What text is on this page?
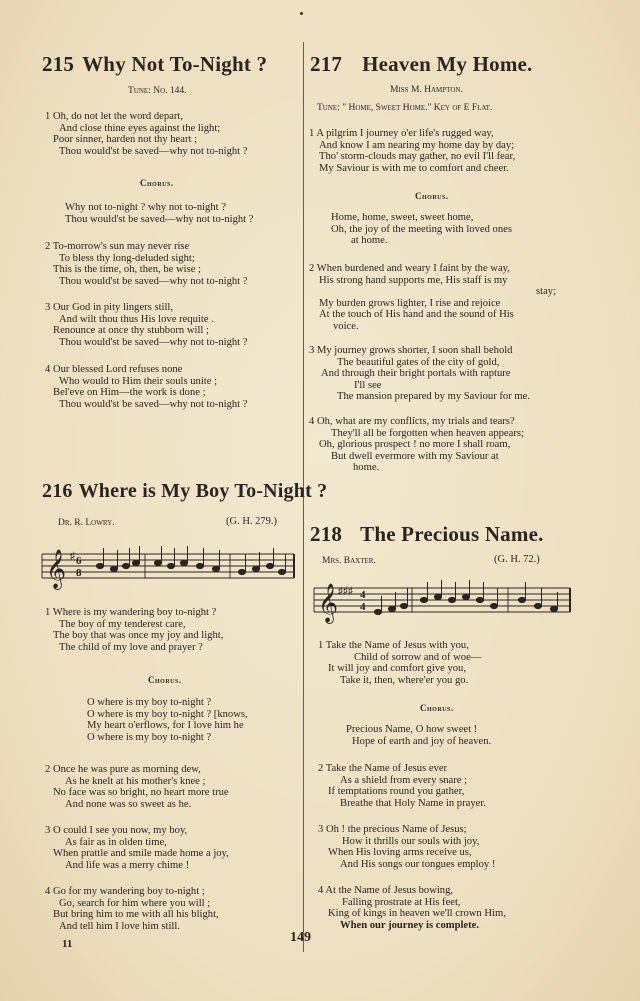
215 Why Not To-Night ?
Tune: No. 144.
1 Oh, do not let the word depart,
And close thine eyes against the light;
Poor sinner, harden not thy heart ;
Thou would'st be saved—why not to-night ?
Chorus.
Why not to-night ? why not to-night ?
Thou would'st be saved—why not to-night ?
2 To-morrow's sun may never rise
To bless thy long-deluded sight;
This is the time, oh, then, be wise ;
Thou would'st be saved—why not to-night ?
3 Our God in pity lingers still,
And wilt thou thus His love requite .
Renounce at once thy stubborn will ;
Thou would'st be saved—why not to-night ?
4 Our blessed Lord refuses none
Who would to Him their souls unite ;
Bel'eve on Him—the work is done ;
Thou would'st be saved—why not to-night ?
216 Where is My Boy To-Night ?
Dr. R. Lowry.	(G. H. 279.)
𝄞 6
8
♯
1 Where is my wandering boy to-night ?
The boy of my tenderest care,
The boy that was once my joy and light,
The child of my love and prayer ?
Chorus.
O where is my boy to-night ?
O where is my boy to-night ? [knows,
My heart o'erflows, for I love him he
O where is my boy to-night ?
2 Once he was pure as morning dew,
As he knelt at his mother's knee ;
No face was so bright, no heart more true
And none was so sweet as he.
3 O could I see you now, my boy,
As fair as in olden time,
When prattle and smile made home a joy,
And life was a merry chime !
4 Go for my wandering boy to-night ;
Go, search for him where you will ;
But bring him to me with all his blight,
And tell him I love him still.
217 Heaven My Home.
Miss M. Hampton.
Tune: " Home, Sweet Home." Key of E Flat.
1 A pilgrim I journey o'er life's rugged way,
And know I am nearing my home day by day;
Tho' storm-clouds may gather, no evil I'll fear,
My Saviour is with me to comfort and cheer.
Chorus.
Home, home, sweet, sweet home,
Oh, the joy of the meeting with loved ones
at home.
2 When burdened and weary I faint by the way,
His strong hand supports me, His staff is my
stay;
My burden grows lighter, I rise and rejoice
At the touch of His hand and the sound of His
voice.
3 My journey grows shorter, I soon shall behold
The beautiful gates of the city of gold,
And through their bright portals with rapture
I'll see
The mansion prepared by my Saviour for me.
4 Oh, what are my conflicts, my trials and tears?
They'll all be forgotten when heaven appears;
Oh, glorious prospect ! no more I shall roam,
But dwell evermore with my Saviour at
home.
218 The Precious Name.
Mrs. Baxter.	(G. H. 72.)
𝄞 ♯♯♯ 4
4
1 Take the Name of Jesus with you,
Child of sorrow and of woe—
It will joy and comfort give you,
Take it, then, where'er you go.
Chorus.
Precious Name, O how sweet !
Hope of earth and joy of heaven.
2 Take the Name of Jesus ever
As a shield from every snare ;
If temptations round you gather,
Breathe that Holy Name in prayer.
3 Oh ! the precious Name of Jesus;
How it thrills our souls with joy,
When His loving arms receive us,
And His songs our tongues employ !
4 At the Name of Jesus bowing,
Falling prostrate at His feet,
King of kings in heaven we'll crown Him,
When our journey is complete.
11	149
